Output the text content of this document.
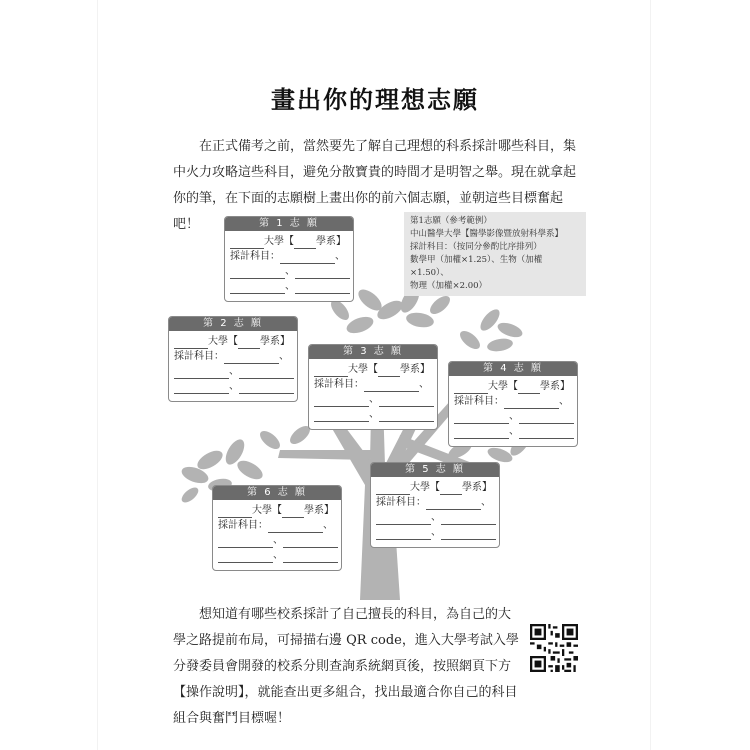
畫出你的理想志願

在正式備考之前，當然要先了解自己理想的科系採計哪些科目，集中火力攻略這些科目，避免分散寶貴的時間才是明智之舉。現在就拿起你的筆，在下面的志願樹上畫出你的前六個志願，並朝這些目標奮起吧！	第1志願（參考範例）
中山醫學大學【醫學影像暨放射科學系】
採計科目：（按同分參酌比序排列）
數學甲（加權×1.25）、生物（加權×1.50）、
物理（加權×2.00）
第 1 志 願
大學【 學系】
採計科目：	、
、
、
第 2 志 願
大學【 學系】
採計科目：	、
、
、
第 3 志 願
大學【 學系】
採計科目：	、
、
、
第 4 志 願
大學【 學系】
採計科目：	、
、
、
第 5 志 願
大學【 學系】
採計科目：	、
、
、
第 6 志 願
大學【 學系】
採計科目：	、
、
、

想知道有哪些校系採計了自己擅長的科目，為自己的大學之路提前布局，可掃描右邊 QR code，進入大學考試入學分發委員會開發的校系分則查詢系統網頁後，按照網頁下方【操作說明】，就能查出更多組合，找出最適合你自己的科目組合與奮鬥目標喔！
